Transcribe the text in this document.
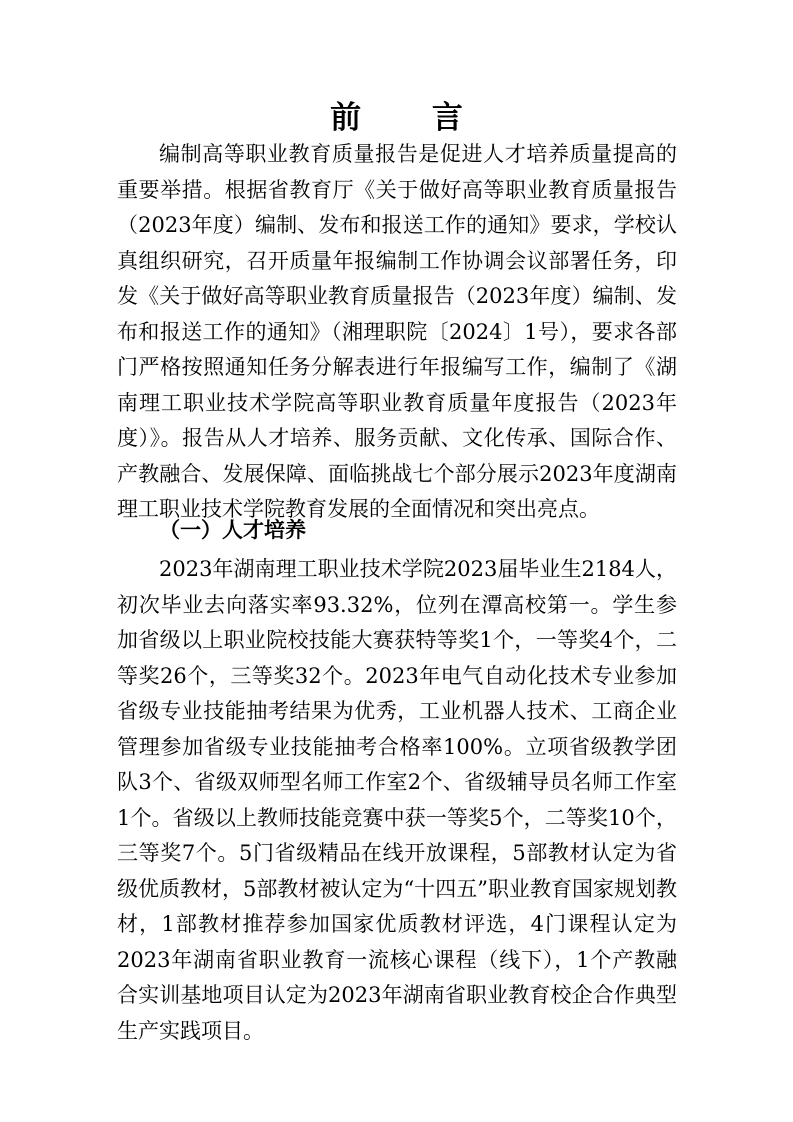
前 言

编制高等职业教育质量报告是促进人才培养质量提高的重要举措。根据省教育厅《关于做好高等职业教育质量报告（2023年度）编制、发布和报送工作的通知》要求，学校认真组织研究，召开质量年报编制工作协调会议部署任务，印发《关于做好高等职业教育质量报告（2023年度）编制、发布和报送工作的通知》（湘理职院〔2024〕1号），要求各部门严格按照通知任务分解表进行年报编写工作，编制了《湖南理工职业技术学院高等职业教育质量年度报告（2023年度）》。报告从人才培养、服务贡献、文化传承、国际合作、产教融合、发展保障、面临挑战七个部分展示2023年度湖南理工职业技术学院教育发展的全面情况和突出亮点。

（一）人才培养

2023年湖南理工职业技术学院2023届毕业生2184人，初次毕业去向落实率93.32%，位列在潭高校第一。学生参加省级以上职业院校技能大赛获特等奖1个，一等奖4个，二等奖26个，三等奖32个。2023年电气自动化技术专业参加省级专业技能抽考结果为优秀，工业机器人技术、工商企业管理参加省级专业技能抽考合格率100%。立项省级教学团队3个、省级双师型名师工作室2个、省级辅导员名师工作室1个。省级以上教师技能竞赛中获一等奖5个，二等奖10个，三等奖7个。5门省级精品在线开放课程，5部教材认定为省级优质教材，5部教材被认定为“十四五”职业教育国家规划教材，1部教材推荐参加国家优质教材评选，4门课程认定为2023年湖南省职业教育一流核心课程（线下），1个产教融合实训基地项目认定为2023年湖南省职业教育校企合作典型生产实践项目。
